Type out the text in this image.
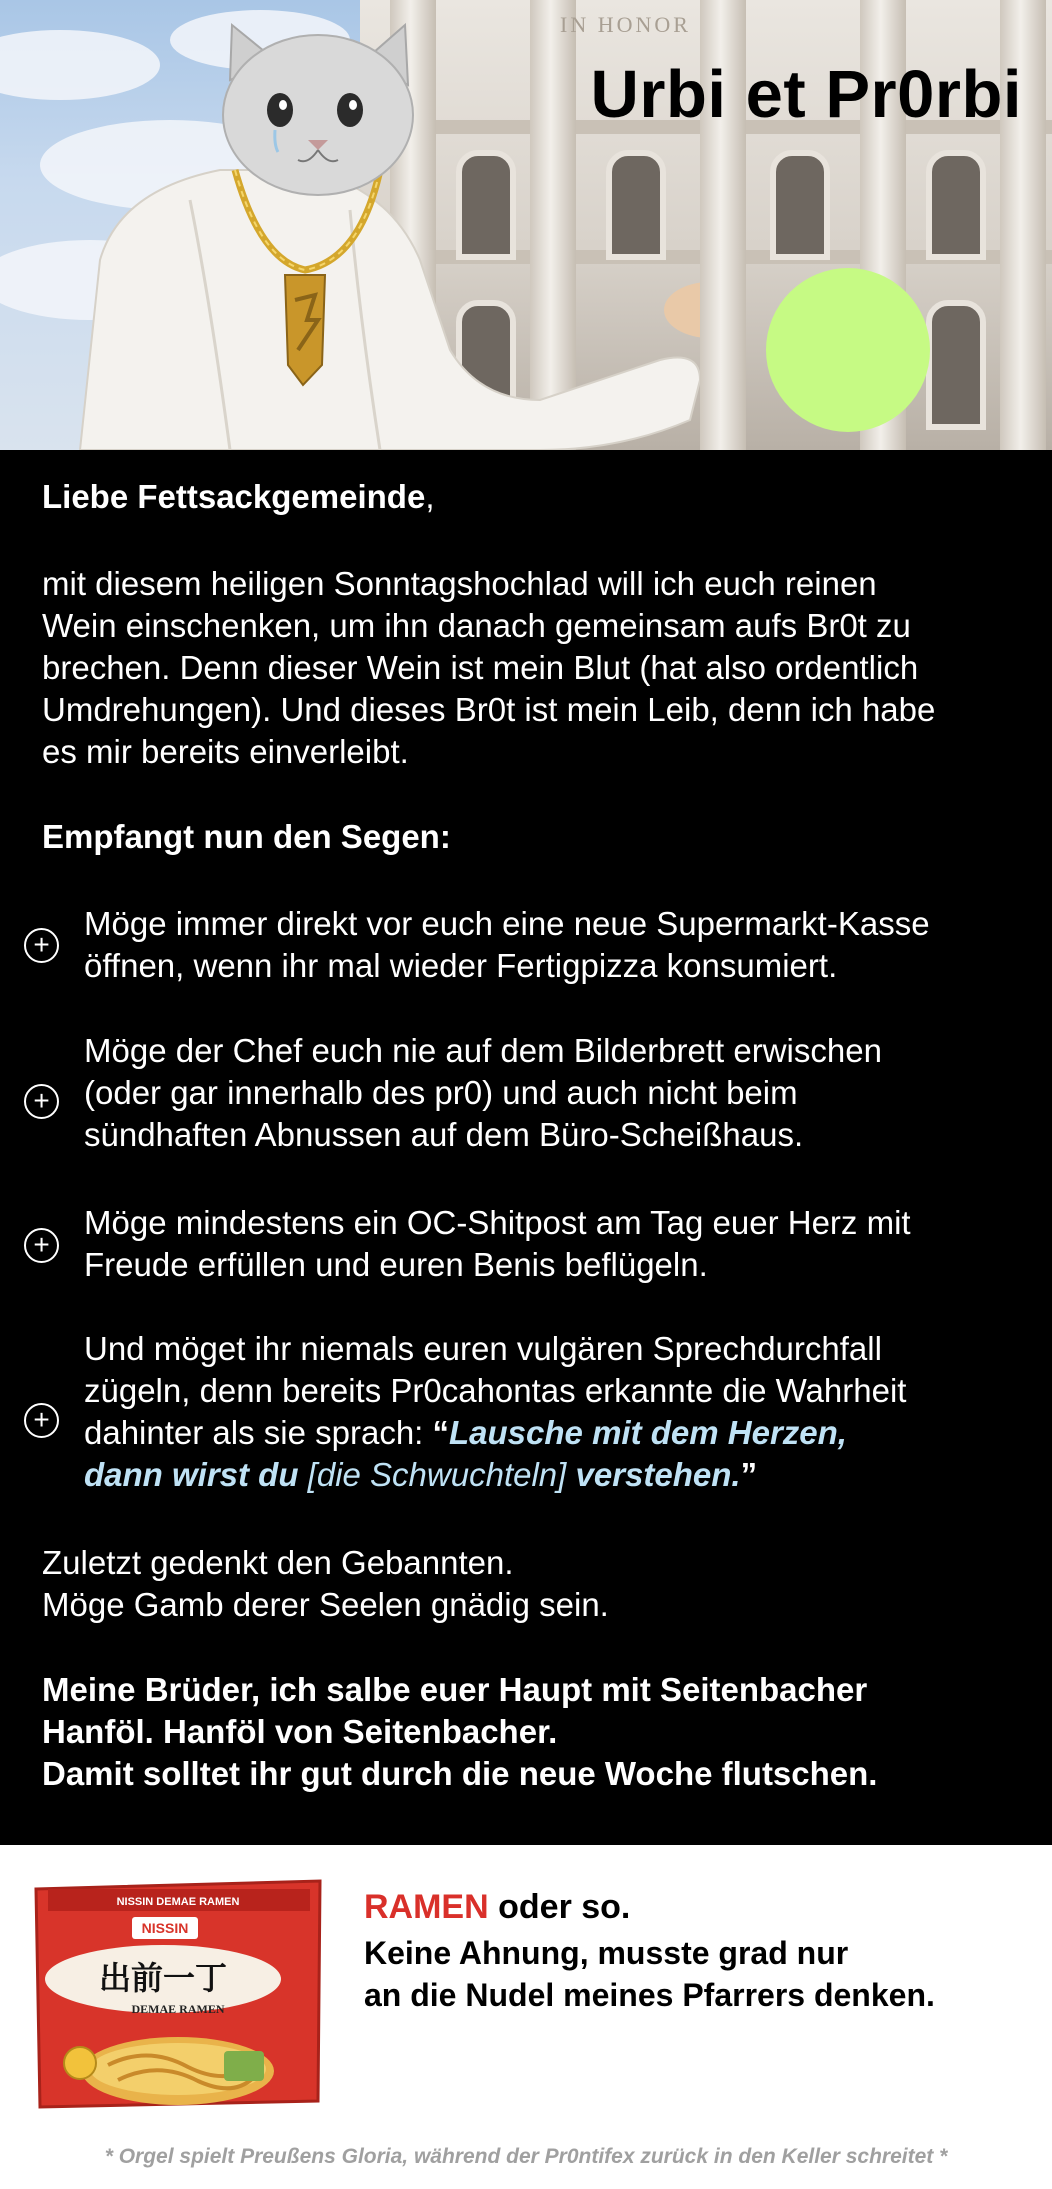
IN HONOR
Urbi et Pr0rbi
Liebe Fettsackgemeinde,
mit diesem heiligen Sonntagshochlad will ich euch reinen
Wein einschenken, um ihn danach gemeinsam aufs Br0t zu
brechen. Denn dieser Wein ist mein Blut (hat also ordentlich
Umdrehungen). Und dieses Br0t ist mein Leib, denn ich habe
es mir bereits einverleibt.
Empfangt nun den Segen:
+
Möge immer direkt vor euch eine neue Supermarkt-Kasse
öffnen, wenn ihr mal wieder Fertigpizza konsumiert.
+
Möge der Chef euch nie auf dem Bilderbrett erwischen
(oder gar innerhalb des pr0) und auch nicht beim
sündhaften Abnussen auf dem Büro-Scheißhaus.
+
Möge mindestens ein OC-Shitpost am Tag euer Herz mit
Freude erfüllen und euren Benis beflügeln.
+
Und möget ihr niemals euren vulgären Sprechdurchfall
zügeln, denn bereits Pr0cahontas erkannte die Wahrheit
dahinter als sie sprach: “Lausche mit dem Herzen,
dann wirst du [die Schwuchteln] verstehen.”
Zuletzt gedenkt den Gebannten.
Möge Gamb derer Seelen gnädig sein.
Meine Brüder, ich salbe euer Haupt mit Seitenbacher
Hanföl. Hanföl von Seitenbacher.
Damit solltet ihr gut durch die neue Woche flutschen.
NISSIN DEMAE RAMEN
NISSIN
出前一丁
DEMAE RAMEN
RAMEN oder so.
Keine Ahnung, musste grad nur
an die Nudel meines Pfarrers denken.
* Orgel spielt Preußens Gloria, während der Pr0ntifex zurück in den Keller schreitet *
